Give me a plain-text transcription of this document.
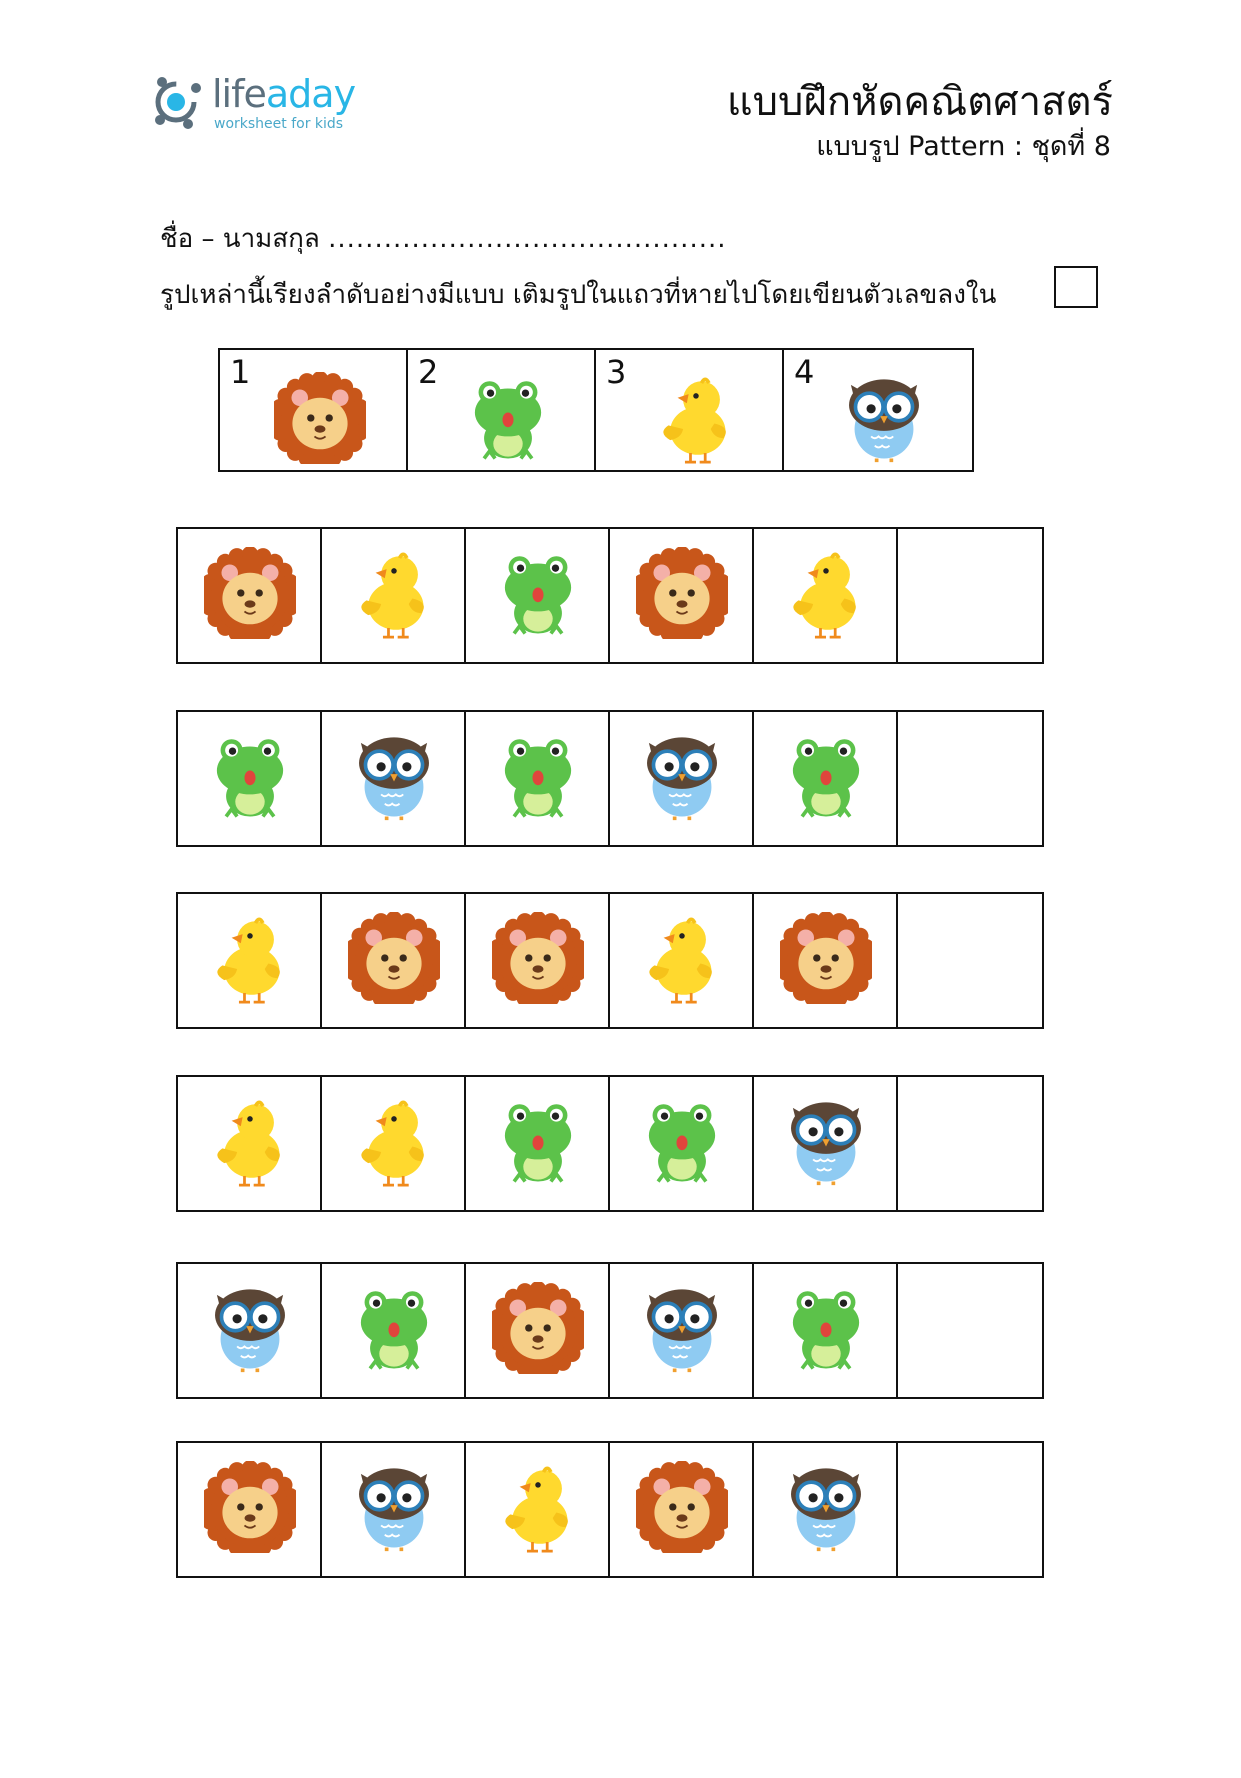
lifeaday
worksheet for kids	แบบฝึกหัดคณิตศาสตร์
แบบรูป Pattern : ชุดที่ 8
ชื่อ – นามสกุล ...........................................
รูปเหล่านี้เรียงลำดับอย่างมีแบบ เติมรูปในแถวที่หายไปโดยเขียนตัวเลขลงใน
1	2	3	4
